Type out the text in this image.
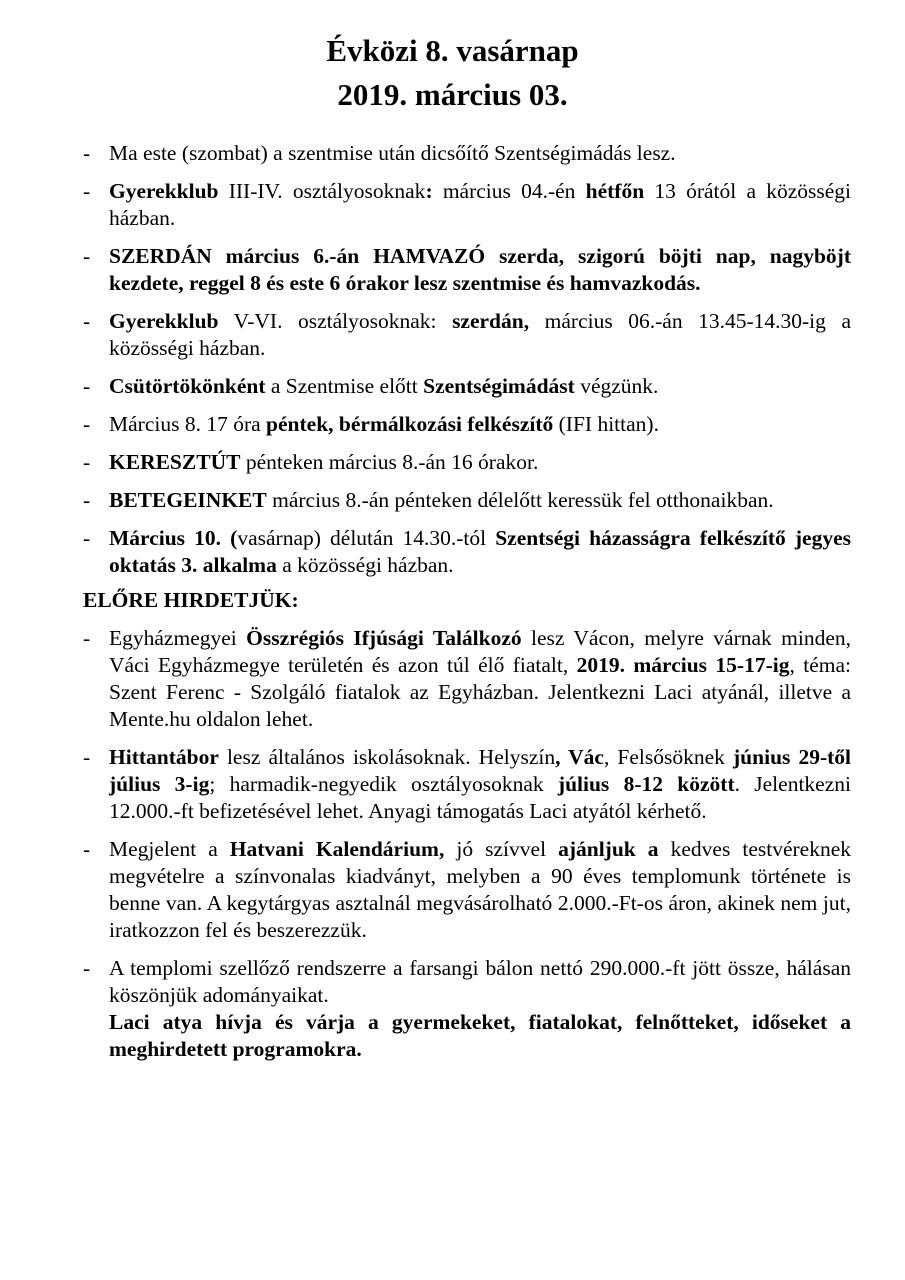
Évközi 8. vasárnap
2019. március 03.
- Ma este (szombat) a szentmise után dicsőítő Szentségimádás lesz.
- Gyerekklub III-IV. osztályosoknak: március 04.-én hétfőn 13 órától a közösségi házban.
- SZERDÁN március 6.-án HAMVAZÓ szerda, szigorú böjti nap, nagyböjt kezdete, reggel 8 és este 6 órakor lesz szentmise és hamvazkodás.
- Gyerekklub V-VI. osztályosoknak: szerdán, március 06.-án 13.45-14.30-ig a közösségi házban.
- Csütörtökönként a Szentmise előtt Szentségimádást végzünk.
- Március 8. 17 óra péntek, bérmálkozási felkészítő (IFI hittan).
- KERESZTÚT pénteken március 8.-án 16 órakor.
- BETEGEINKET március 8.-án pénteken délelőtt keressük fel otthonaikban.
- Március 10. (vasárnap) délután 14.30.-tól Szentségi házasságra felkészítő jegyes oktatás 3. alkalma a közösségi házban.

ELŐRE HIRDETJÜK:

- Egyházmegyei Összrégiós Ifjúsági Találkozó lesz Vácon, melyre várnak minden, Váci Egyházmegye területén és azon túl élő fiatalt, 2019. március 15-17-ig, téma: Szent Ferenc - Szolgáló fiatalok az Egyházban. Jelentkezni Laci atyánál, illetve a Mente.hu oldalon lehet.
- Hittantábor lesz általános iskolásoknak. Helyszín, Vác, Felsősöknek június 29-től július 3-ig; harmadik-negyedik osztályosoknak július 8-12 között. Jelentkezni 12.000.-ft befizetésével lehet. Anyagi támogatás Laci atyától kérhető.
- Megjelent a Hatvani Kalendárium, jó szívvel ajánljuk a kedves testvéreknek megvételre a színvonalas kiadványt, melyben a 90 éves templomunk története is benne van. A kegytárgyas asztalnál megvásárolható 2.000.-Ft-os áron, akinek nem jut, iratkozzon fel és beszerezzük.
- A templomi szellőző rendszerre a farsangi bálon nettó 290.000.-ft jött össze, hálásan köszönjük adományaikat.
Laci atya hívja és várja a gyermekeket, fiatalokat, felnőtteket, időseket a meghirdetett programokra.
